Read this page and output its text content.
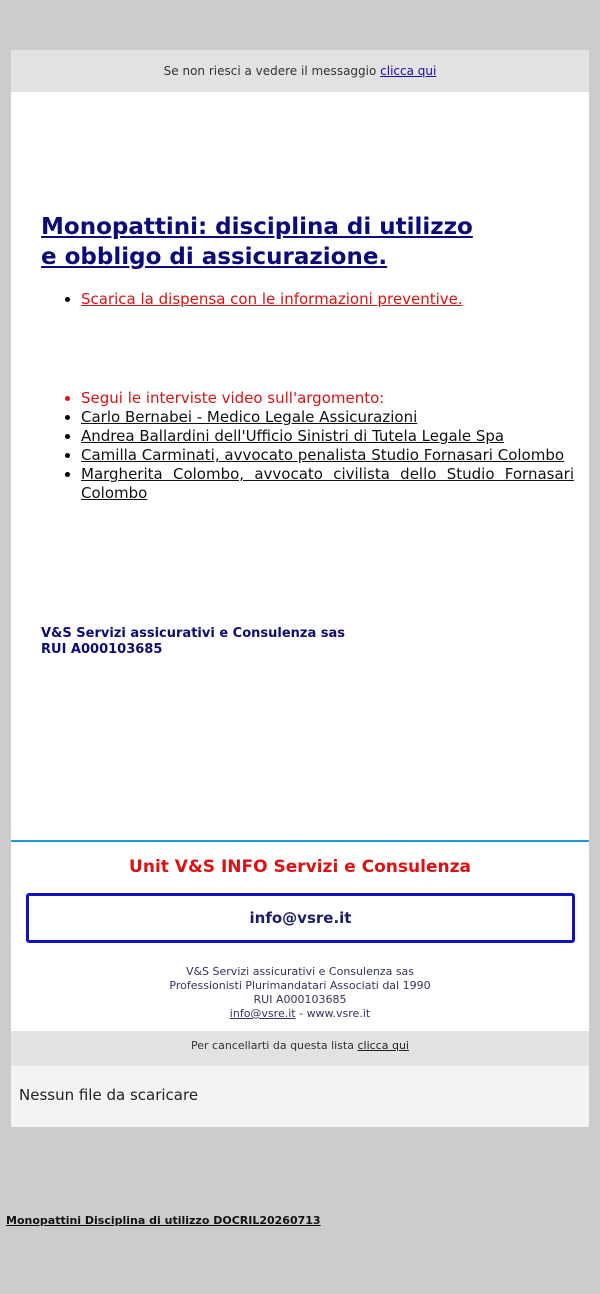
Se non riesci a vedere il messaggio clicca qui
Monopattini: disciplina di utilizzo
e obbligo di assicurazione.
• Scarica la dispensa con le informazioni preventive.
• Segui le interviste video sull'argomento:
• Carlo Bernabei - Medico Legale Assicurazioni
• Andrea Ballardini dell'Ufficio Sinistri di Tutela Legale Spa
• Camilla Carminati, avvocato penalista Studio Fornasari Colombo
• Margherita Colombo, avvocato civilista dello Studio Fornasari Colombo
V&S Servizi assicurativi e Consulenza sas
RUI A000103685
Unit V&S INFO Servizi e Consulenza
info@vsre.it
V&S Servizi assicurativi e Consulenza sas
Professionisti Plurimandatari Associati dal 1990
RUI A000103685
info@vsre.it - www.vsre.it
Per cancellarti da questa lista clicca qui
Nessun file da scaricare
Monopattini Disciplina di utilizzo DOCRIL20260713
